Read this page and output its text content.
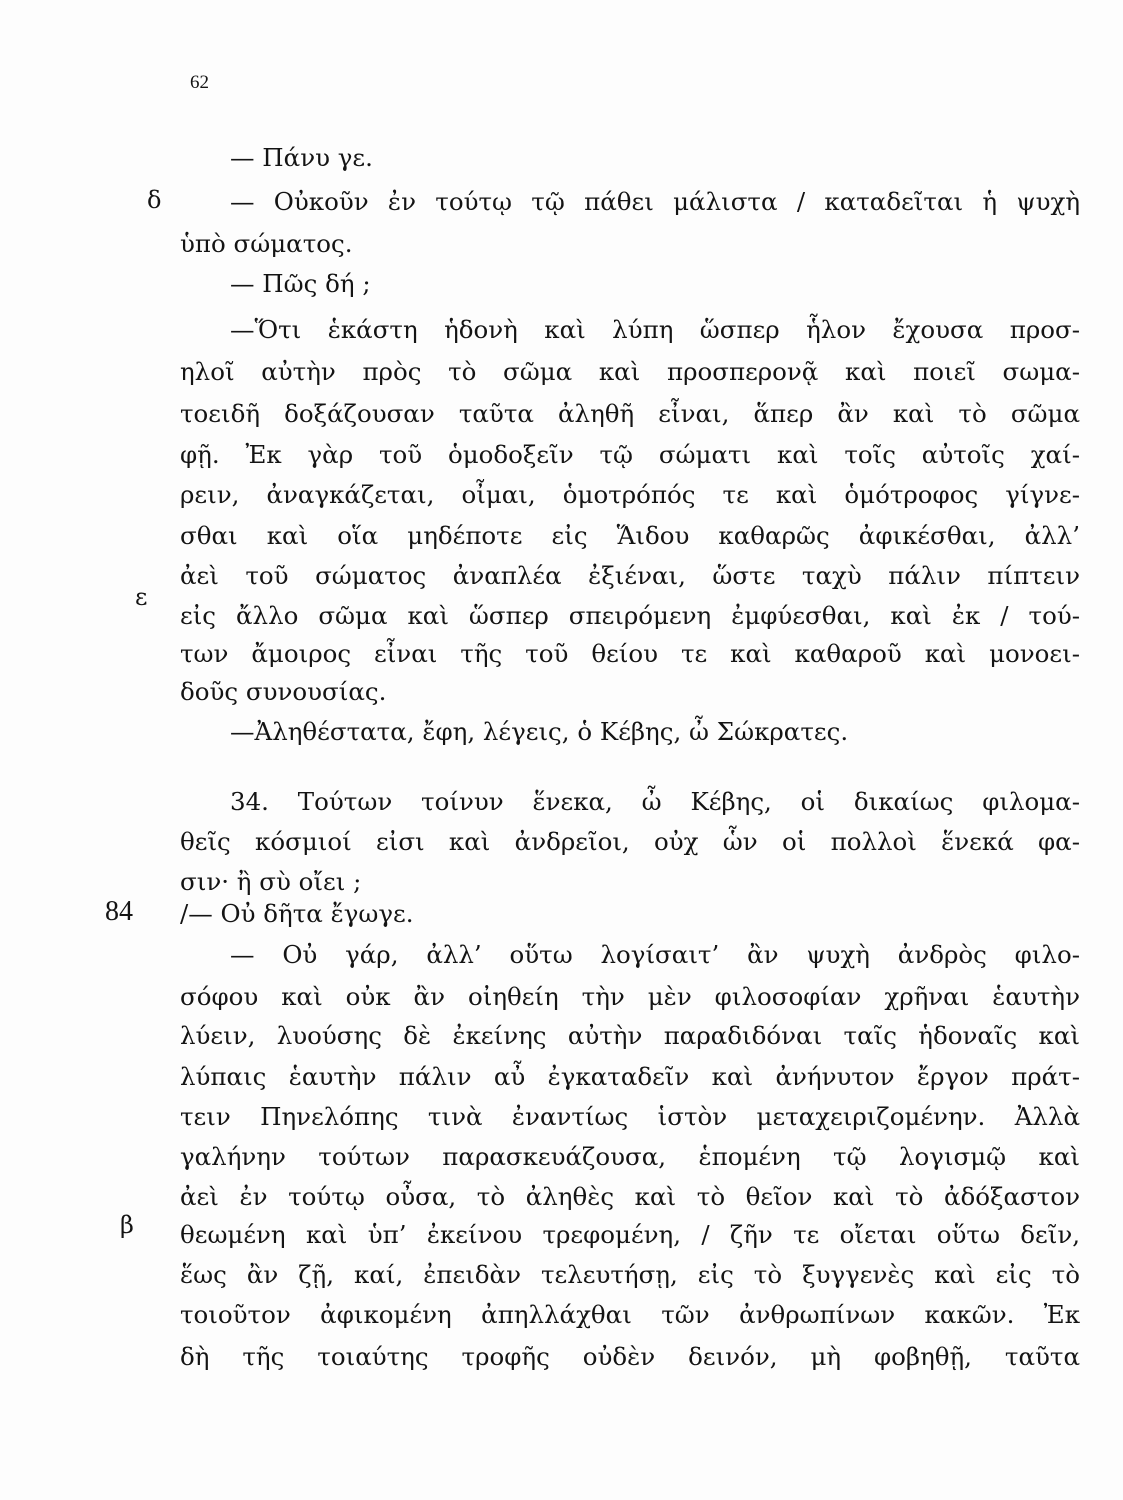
62
δ
ε
84
β
— Πάνυ γε.
— Οὐκοῦν ἐν τούτῳ τῷ πάθει μάλιστα / καταδεῖται ἡ ψυχὴ
ὑπὸ σώματος.
— Πῶς δή ;
—Ὅτι ἑκάστη ἡδονὴ καὶ λύπη ὥσπερ ἧλον ἔχουσα προσ-
ηλοῖ αὐτὴν πρὸς τὸ σῶμα καὶ προσπερονᾷ καὶ ποιεῖ σωμα-
τοειδῆ δοξάζουσαν ταῦτα ἀληθῆ εἶναι, ἅπερ ἂν καὶ τὸ σῶμα
φῇ. Ἐκ γὰρ τοῦ ὁμοδοξεῖν τῷ σώματι καὶ τοῖς αὐτοῖς χαί-
ρειν, ἀναγκάζεται, οἶμαι, ὁμοτρόπός τε καὶ ὁμότροφος γίγνε-
σθαι καὶ οἵα μηδέποτε εἰς Ἅιδου καθαρῶς ἀφικέσθαι, ἀλλ’
ἀεὶ τοῦ σώματος ἀναπλέα ἐξιέναι, ὥστε ταχὺ πάλιν πίπτειν
εἰς ἄλλο σῶμα καὶ ὥσπερ σπειρόμενη ἐμφύεσθαι, καὶ ἐκ / τού-
των ἄμοιρος εἶναι τῆς τοῦ θείου τε καὶ καθαροῦ καὶ μονοει-
δοῦς συνουσίας.
—Ἀληθέστατα, ἔφη, λέγεις, ὁ Κέβης, ὦ Σώκρατες.
34. Τούτων τοίνυν ἕνεκα, ὦ Κέβης, οἱ δικαίως φιλομα-
θεῖς κόσμιοί εἰσι καὶ ἀνδρεῖοι, οὐχ ὧν οἱ πολλοὶ ἕνεκά φα-
σιν· ἢ σὺ οἴει ;
/— Οὐ δῆτα ἔγωγε.
— Οὐ γάρ, ἀλλ’ οὕτω λογίσαιτ’ ἂν ψυχὴ ἀνδρὸς φιλο-
σόφου καὶ οὐκ ἂν οἰηθείη τὴν μὲν φιλοσοφίαν χρῆναι ἑαυτὴν
λύειν, λυούσης δὲ ἐκείνης αὐτὴν παραδιδόναι ταῖς ἡδοναῖς καὶ
λύπαις ἑαυτὴν πάλιν αὖ ἐγκαταδεῖν καὶ ἀνήνυτον ἔργον πράτ-
τειν Πηνελόπης τινὰ ἐναντίως ἱστὸν μεταχειριζομένην. Ἀλλὰ
γαλήνην τούτων παρασκευάζουσα, ἑπομένη τῷ λογισμῷ καὶ
ἀεὶ ἐν τούτῳ οὖσα, τὸ ἀληθὲς καὶ τὸ θεῖον καὶ τὸ ἀδόξαστον
θεωμένη καὶ ὑπ’ ἐκείνου τρεφομένη, / ζῆν τε οἴεται οὕτω δεῖν,
ἕως ἂν ζῇ, καί, ἐπειδὰν τελευτήσῃ, εἰς τὸ ξυγγενὲς καὶ εἰς τὸ
τοιοῦτον ἀφικομένη ἀπηλλάχθαι τῶν ἀνθρωπίνων κακῶν. Ἐκ
δὴ τῆς τοιαύτης τροφῆς οὐδὲν δεινόν, μὴ φοβηθῇ, ταῦτα
